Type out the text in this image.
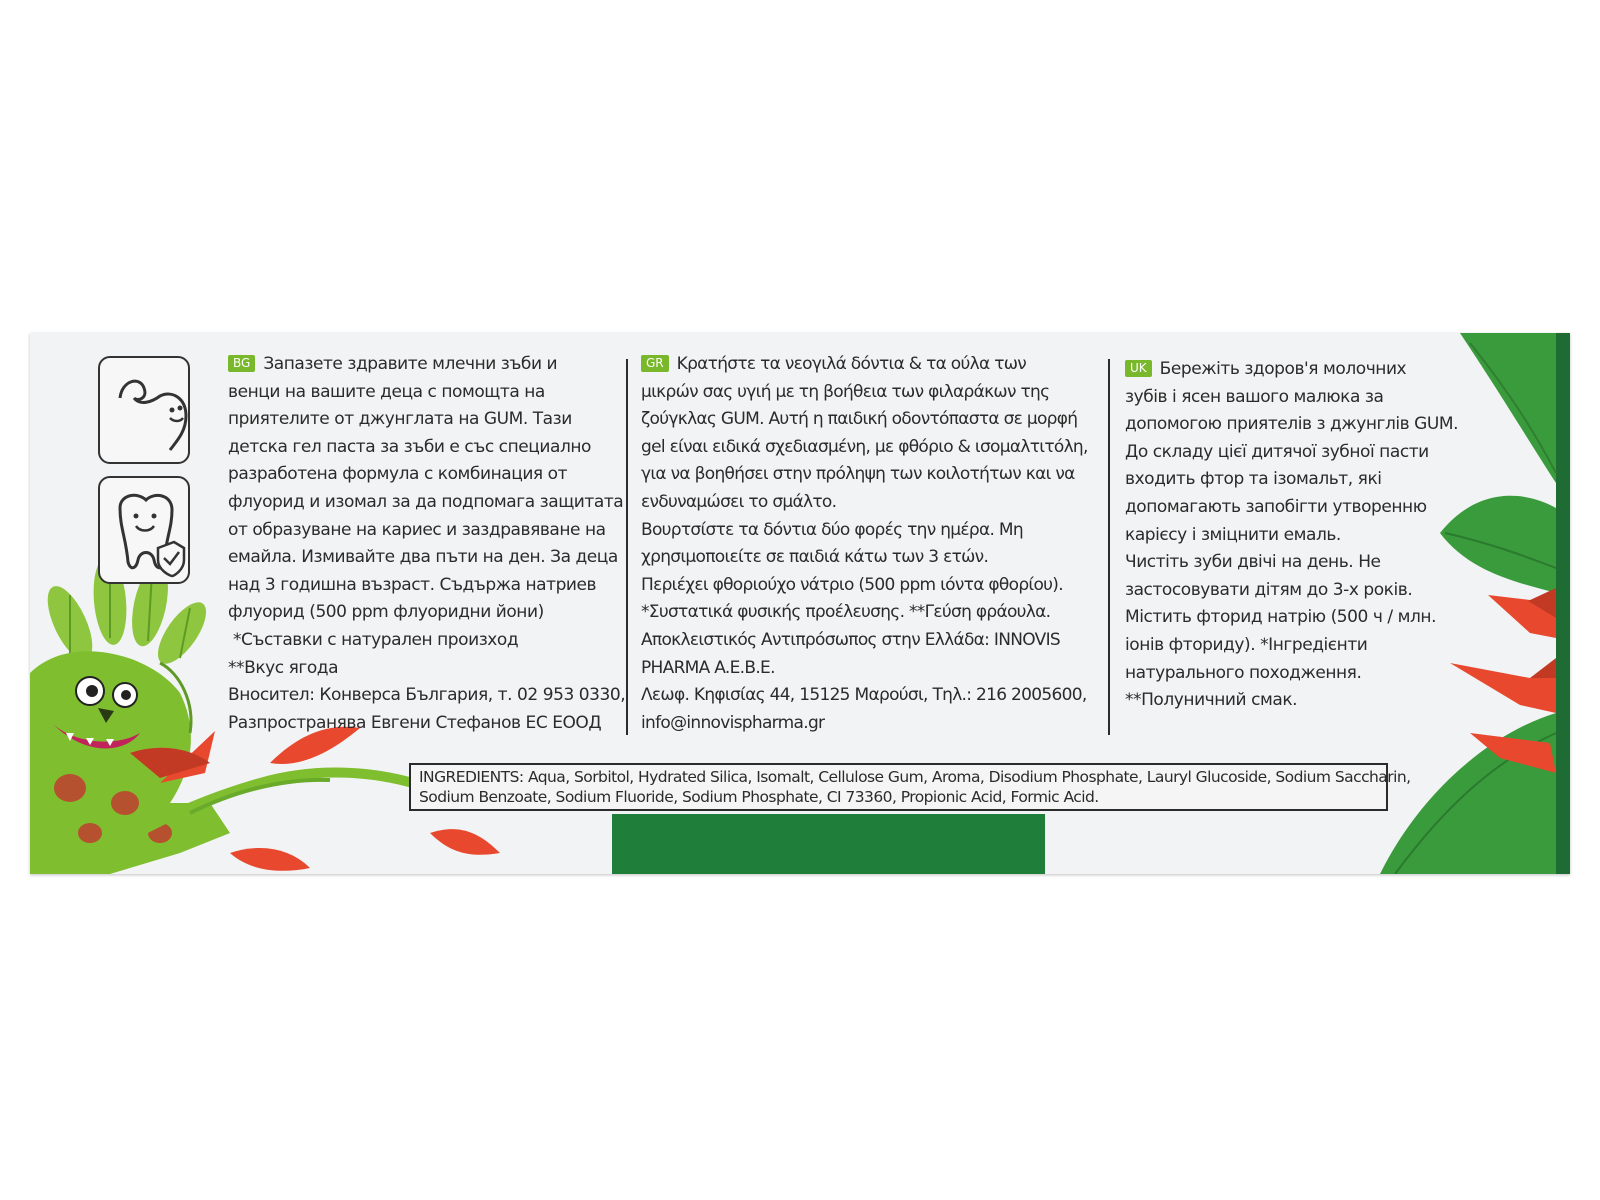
BG Запазете здравите млечни зъби и
венци на вашите деца с помощта на
приятелите от джунглата на GUM. Тази
детска гел паста за зъби е със специално
разработена формула с комбинация от
флуорид и изомал за да подпомага защитата
от образуване на кариес и заздравяване на
емайла. Измивайте два пъти на ден. За деца
над 3 годишна възраст. Съдържа натриев
флуорид (500 ppm флуоридни йони)
*Съставки с натурален произход
**Вкус ягода
Вносител: Конверса България, т. 02 953 0330,
Разпространява Евгени Стефанов ЕС ЕООД
GR Κρατήστε τα νεογιλά δόντια & τα ούλα των
μικρών σας υγιή με τη βοήθεια των φιλαράκων της
ζούγκλας GUM. Αυτή η παιδική οδοντόπαστα σε μορφή
gel είναι ειδικά σχεδιασμένη, με φθόριο & ισομαλτιτόλη,
για να βοηθήσει στην πρόληψη των κοιλοτήτων και να
ενδυναμώσει το σμάλτο.
Βουρτσίστε τα δόντια δύο φορές την ημέρα. Μη
χρησιμοποιείτε σε παιδιά κάτω των 3 ετών.
Περιέχει φθοριούχο νάτριο (500 ppm ιόντα φθορίου).
*Συστατικά φυσικής προέλευσης. **Γεύση φράουλα.
Αποκλειστικός Αντιπρόσωπος στην Ελλάδα: INNOVIS
PHARMA A.E.B.E.
Λεωφ. Κηφισίας 44, 15125 Μαρούσι, Τηλ.: 216 2005600,
info@innovispharma.gr
UK Бережіть здоров'я молочних
зубів і ясен вашого малюка за
допомогою приятелів з джунглів GUM.
До складу цієї дитячої зубної пасти
входить фтор та ізомальт, які
допомагають запобігти утворенню
карієсу і зміцнити емаль.
Чистіть зуби двічі на день. Не
застосовувати дітям до 3-х років.
Містить фторид натрію (500 ч / млн.
іонів фториду). *Інгредієнти
натурального походження.
**Полуничний смак.
INGREDIENTS: Aqua, Sorbitol, Hydrated Silica, Isomalt, Cellulose Gum, Aroma, Disodium Phosphate, Lauryl Glucoside, Sodium Saccharin,
Sodium Benzoate, Sodium Fluoride, Sodium Phosphate, CI 73360, Propionic Acid, Formic Acid.
